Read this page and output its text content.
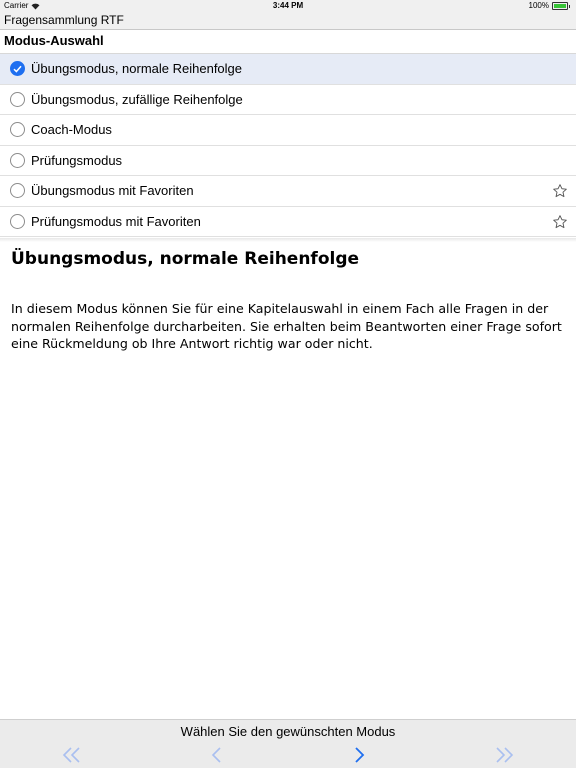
Carrier	3:44 PM	100%
Fragensammlung RTF
Modus-Auswahl
Übungsmodus, normale Reihenfolge
Übungsmodus, zufällige Reihenfolge
Coach-Modus
Prüfungsmodus
Übungsmodus mit Favoriten
Prüfungsmodus mit Favoriten
Übungsmodus, normale Reihenfolge
In diesem Modus können Sie für eine Kapitelauswahl in einem Fach alle Fragen in der normalen Reihenfolge durcharbeiten. Sie erhalten beim Beantworten einer Frage sofort eine Rückmeldung ob Ihre Antwort richtig war oder nicht.
Wählen Sie den gewünschten Modus
